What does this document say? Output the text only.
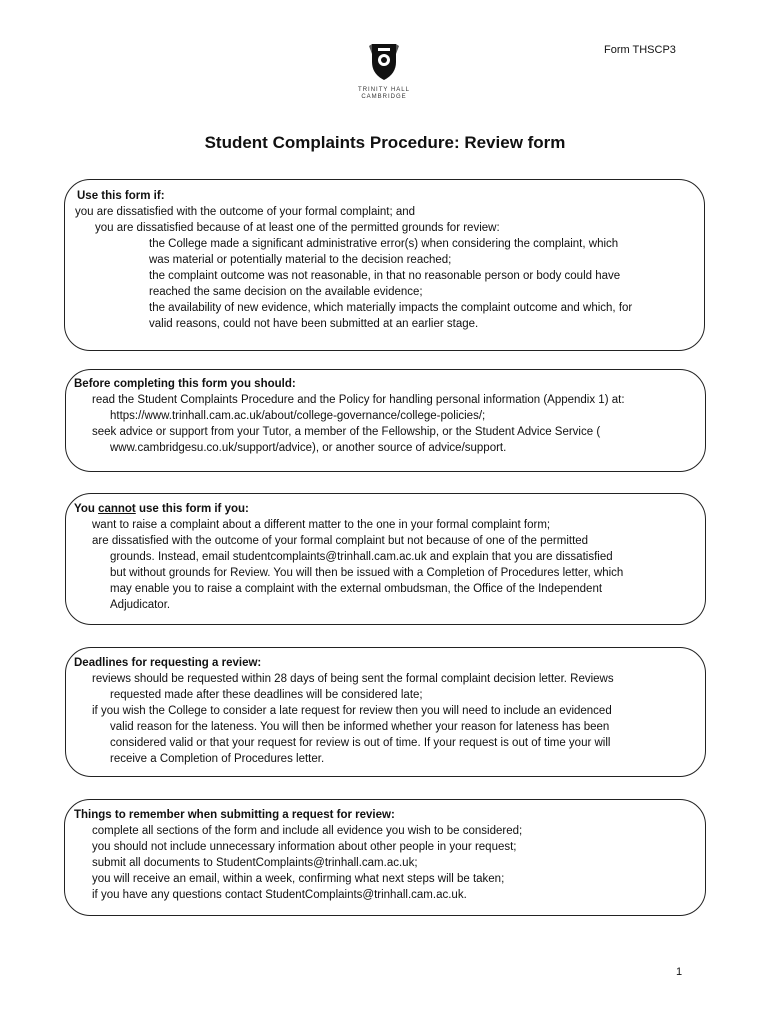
Form THSCP3
TRINITY HALL
CAMBRIDGE
Student Complaints Procedure: Review form
Use this form if:
you are dissatisfied with the outcome of your formal complaint; and
you are dissatisfied because of at least one of the permitted grounds for review:
the College made a significant administrative error(s) when considering the complaint, which
was material or potentially material to the decision reached;
the complaint outcome was not reasonable, in that no reasonable person or body could have
reached the same decision on the available evidence;
the availability of new evidence, which materially impacts the complaint outcome and which, for
valid reasons, could not have been submitted at an earlier stage.
Before completing this form you should:
read the Student Complaints Procedure and the Policy for handling personal information (Appendix 1) at:
https://www.trinhall.cam.ac.uk/about/college-governance/college-policies/;
seek advice or support from your Tutor, a member of the Fellowship, or the Student Advice Service (
www.cambridgesu.co.uk/support/advice), or another source of advice/support.
You cannot use this form if you:
want to raise a complaint about a different matter to the one in your formal complaint form;
are dissatisfied with the outcome of your formal complaint but not because of one of the permitted
grounds. Instead, email studentcomplaints@trinhall.cam.ac.uk and explain that you are dissatisfied
but without grounds for Review. You will then be issued with a Completion of Procedures letter, which
may enable you to raise a complaint with the external ombudsman, the Office of the Independent
Adjudicator.
Deadlines for requesting a review:
reviews should be requested within 28 days of being sent the formal complaint decision letter. Reviews
requested made after these deadlines will be considered late;
if you wish the College to consider a late request for review then you will need to include an evidenced
valid reason for the lateness. You will then be informed whether your reason for lateness has been
considered valid or that your request for review is out of time. If your request is out of time your will
receive a Completion of Procedures letter.
Things to remember when submitting a request for review:
complete all sections of the form and include all evidence you wish to be considered;
you should not include unnecessary information about other people in your request;
submit all documents to StudentComplaints@trinhall.cam.ac.uk;
you will receive an email, within a week, confirming what next steps will be taken;
if you have any questions contact StudentComplaints@trinhall.cam.ac.uk.
1
